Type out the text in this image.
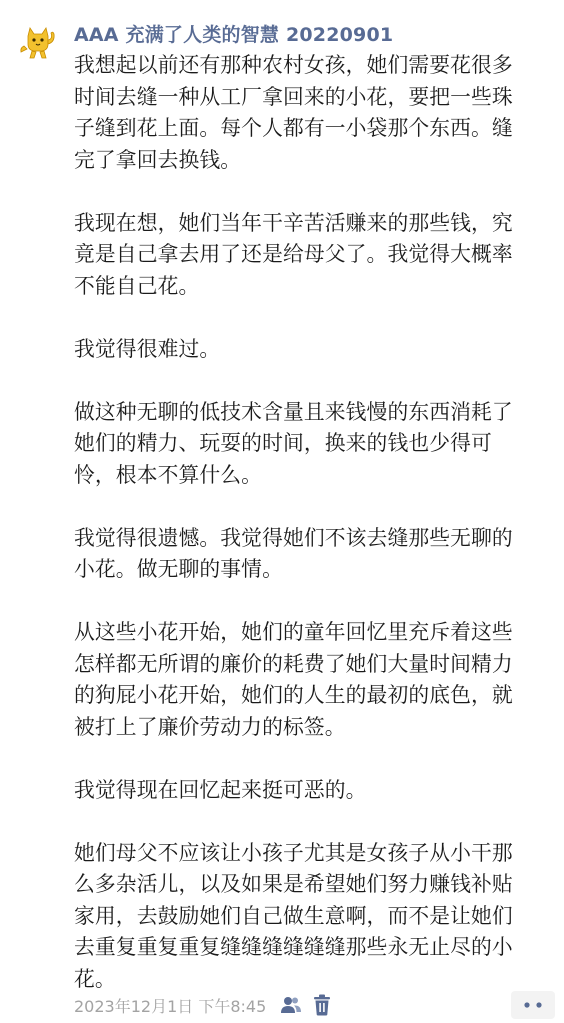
AAA 充满了人类的智慧 20220901

我想起以前还有那种农村女孩，她们需要花很多
时间去缝一种从工厂拿回来的小花，要把一些珠
子缝到花上面。每个人都有一小袋那个东西。缝
完了拿回去换钱。

我现在想，她们当年干辛苦活赚来的那些钱，究
竟是自己拿去用了还是给母父了。我觉得大概率
不能自己花。

我觉得很难过。

做这种无聊的低技术含量且来钱慢的东西消耗了
她们的精力、玩耍的时间，换来的钱也少得可
怜，根本不算什么。

我觉得很遗憾。我觉得她们不该去缝那些无聊的
小花。做无聊的事情。

从这些小花开始，她们的童年回忆里充斥着这些
怎样都无所谓的廉价的耗费了她们大量时间精力
的狗屁小花开始，她们的人生的最初的底色，就
被打上了廉价劳动力的标签。

我觉得现在回忆起来挺可恶的。

她们母父不应该让小孩子尤其是女孩子从小干那
么多杂活儿，以及如果是希望她们努力赚钱补贴
家用，去鼓励她们自己做生意啊，而不是让她们
去重复重复重复缝缝缝缝缝缝那些永无止尽的小
花。

2023年12月1日 下午8:45
